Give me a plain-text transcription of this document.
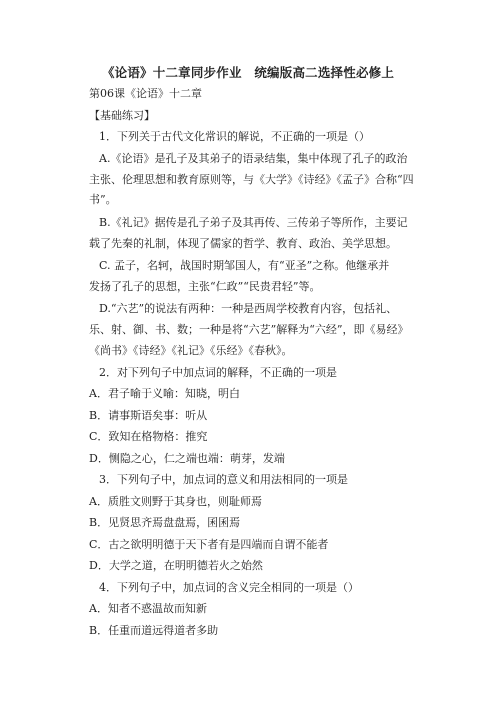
《论语》十二章同步作业　统编版高二选择性必修上
第06课《论语》十二章
【基础练习】
1．下列关于古代文化常识的解说，不正确的一项是（）
A.《论语》是孔子及其弟子的语录结集，集中体现了孔子的政治
主张、伦理思想和教育原则等，与《大学》《诗经》《孟子》合称“四
书”。
B.《礼记》据传是孔子弟子及其再传、三传弟子等所作，主要记
载了先秦的礼制，体现了儒家的哲学、教育、政治、美学思想。
C. 孟子，名轲，战国时期邹国人，有“亚圣”之称。他继承并
发扬了孔子的思想，主张“仁政”“民贵君轻”等。
D.“六艺”的说法有两种：一种是西周学校教育内容，包括礼、
乐、射、御、书、数；一种是将“六艺”解释为“六经”，即《易经》
《尚书》《诗经》《礼记》《乐经》《春秋》。
2．对下列句子中加点词的解释，不正确的一项是
A．君子喻于义喻：知晓，明白
B．请事斯语矣事：听从
C．致知在格物格：推究
D．恻隐之心，仁之端也端：萌芽，发端
3．下列句子中，加点词的意义和用法相同的一项是
A．质胜文则野于其身也，则耻师焉
B．见贤思齐焉盘盘焉，囷囷焉
C．古之欲明明德于天下者有是四端而自谓不能者
D．大学之道，在明明德若火之始然
4．下列句子中，加点词的含义完全相同的一项是（）
A．知者不惑温故而知新
B．任重而道远得道者多助
